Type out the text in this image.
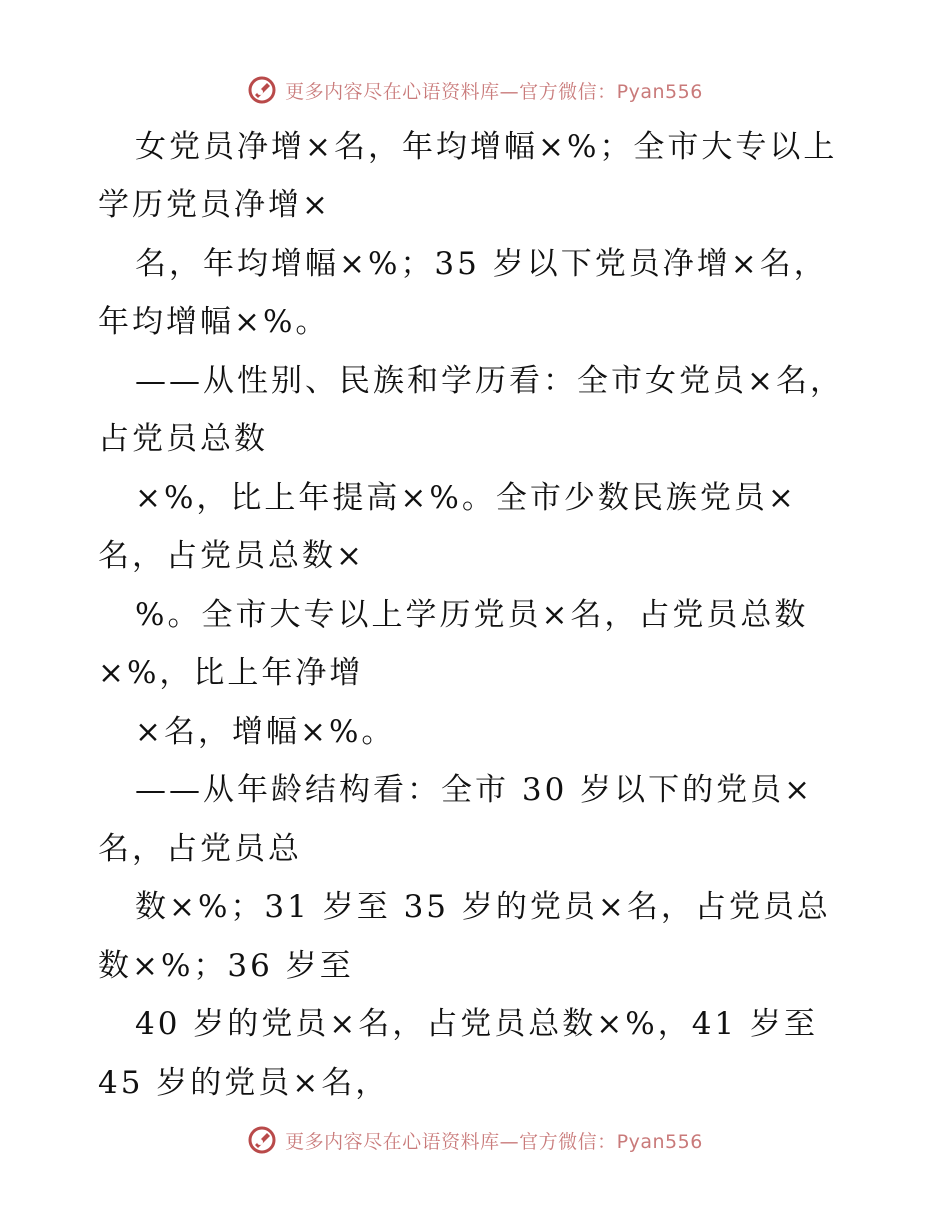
更多内容尽在心语资料库—官方微信：Pyan556
女党员净增×名，年均增幅×%；全市大专以上
学历党员净增×
名，年均增幅×%；35 岁以下党员净增×名，
年均增幅×%。
——从性别、民族和学历看：全市女党员×名，
占党员总数
×%，比上年提高×%。全市少数民族党员×
名，占党员总数×
%。全市大专以上学历党员×名，占党员总数
×%，比上年净增
×名，增幅×%。
——从年龄结构看：全市 30 岁以下的党员×
名，占党员总
数×%；31 岁至 35 岁的党员×名，占党员总
数×%；36 岁至
40 岁的党员×名，占党员总数×%，41 岁至
45 岁的党员×名，
更多内容尽在心语资料库—官方微信：Pyan556
